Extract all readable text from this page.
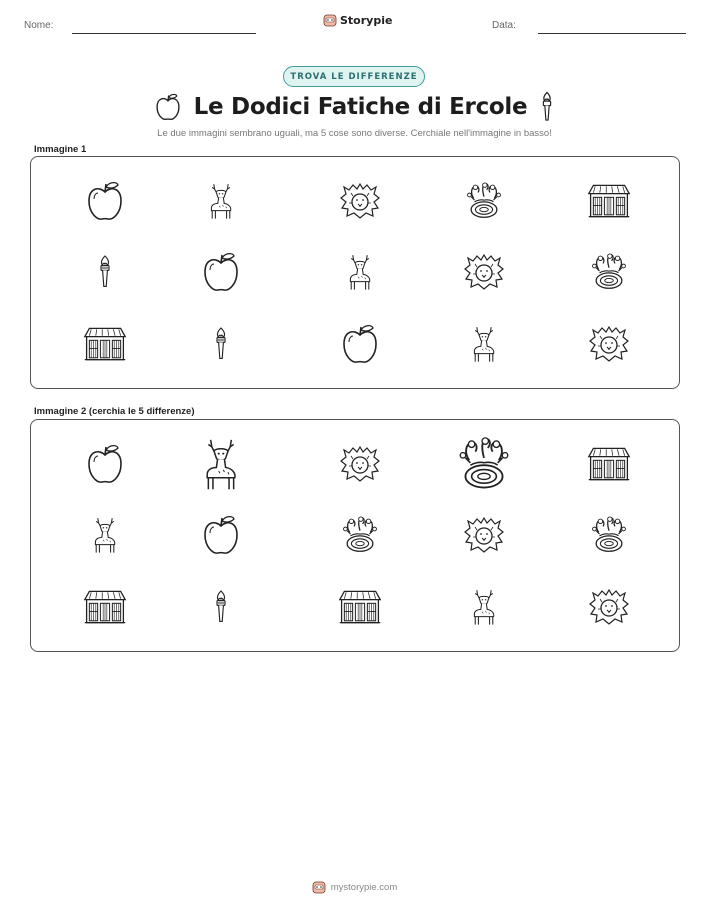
Nome:	Storypie	Data:
TROVA LE DIFFERENZE
Le Dodici Fatiche di Ercole
Le due immagini sembrano uguali, ma 5 cose sono diverse. Cerchiale nell'immagine in basso!
Immagine 1
Immagine 2 (cerchia le 5 differenze)
mystorypie.com
